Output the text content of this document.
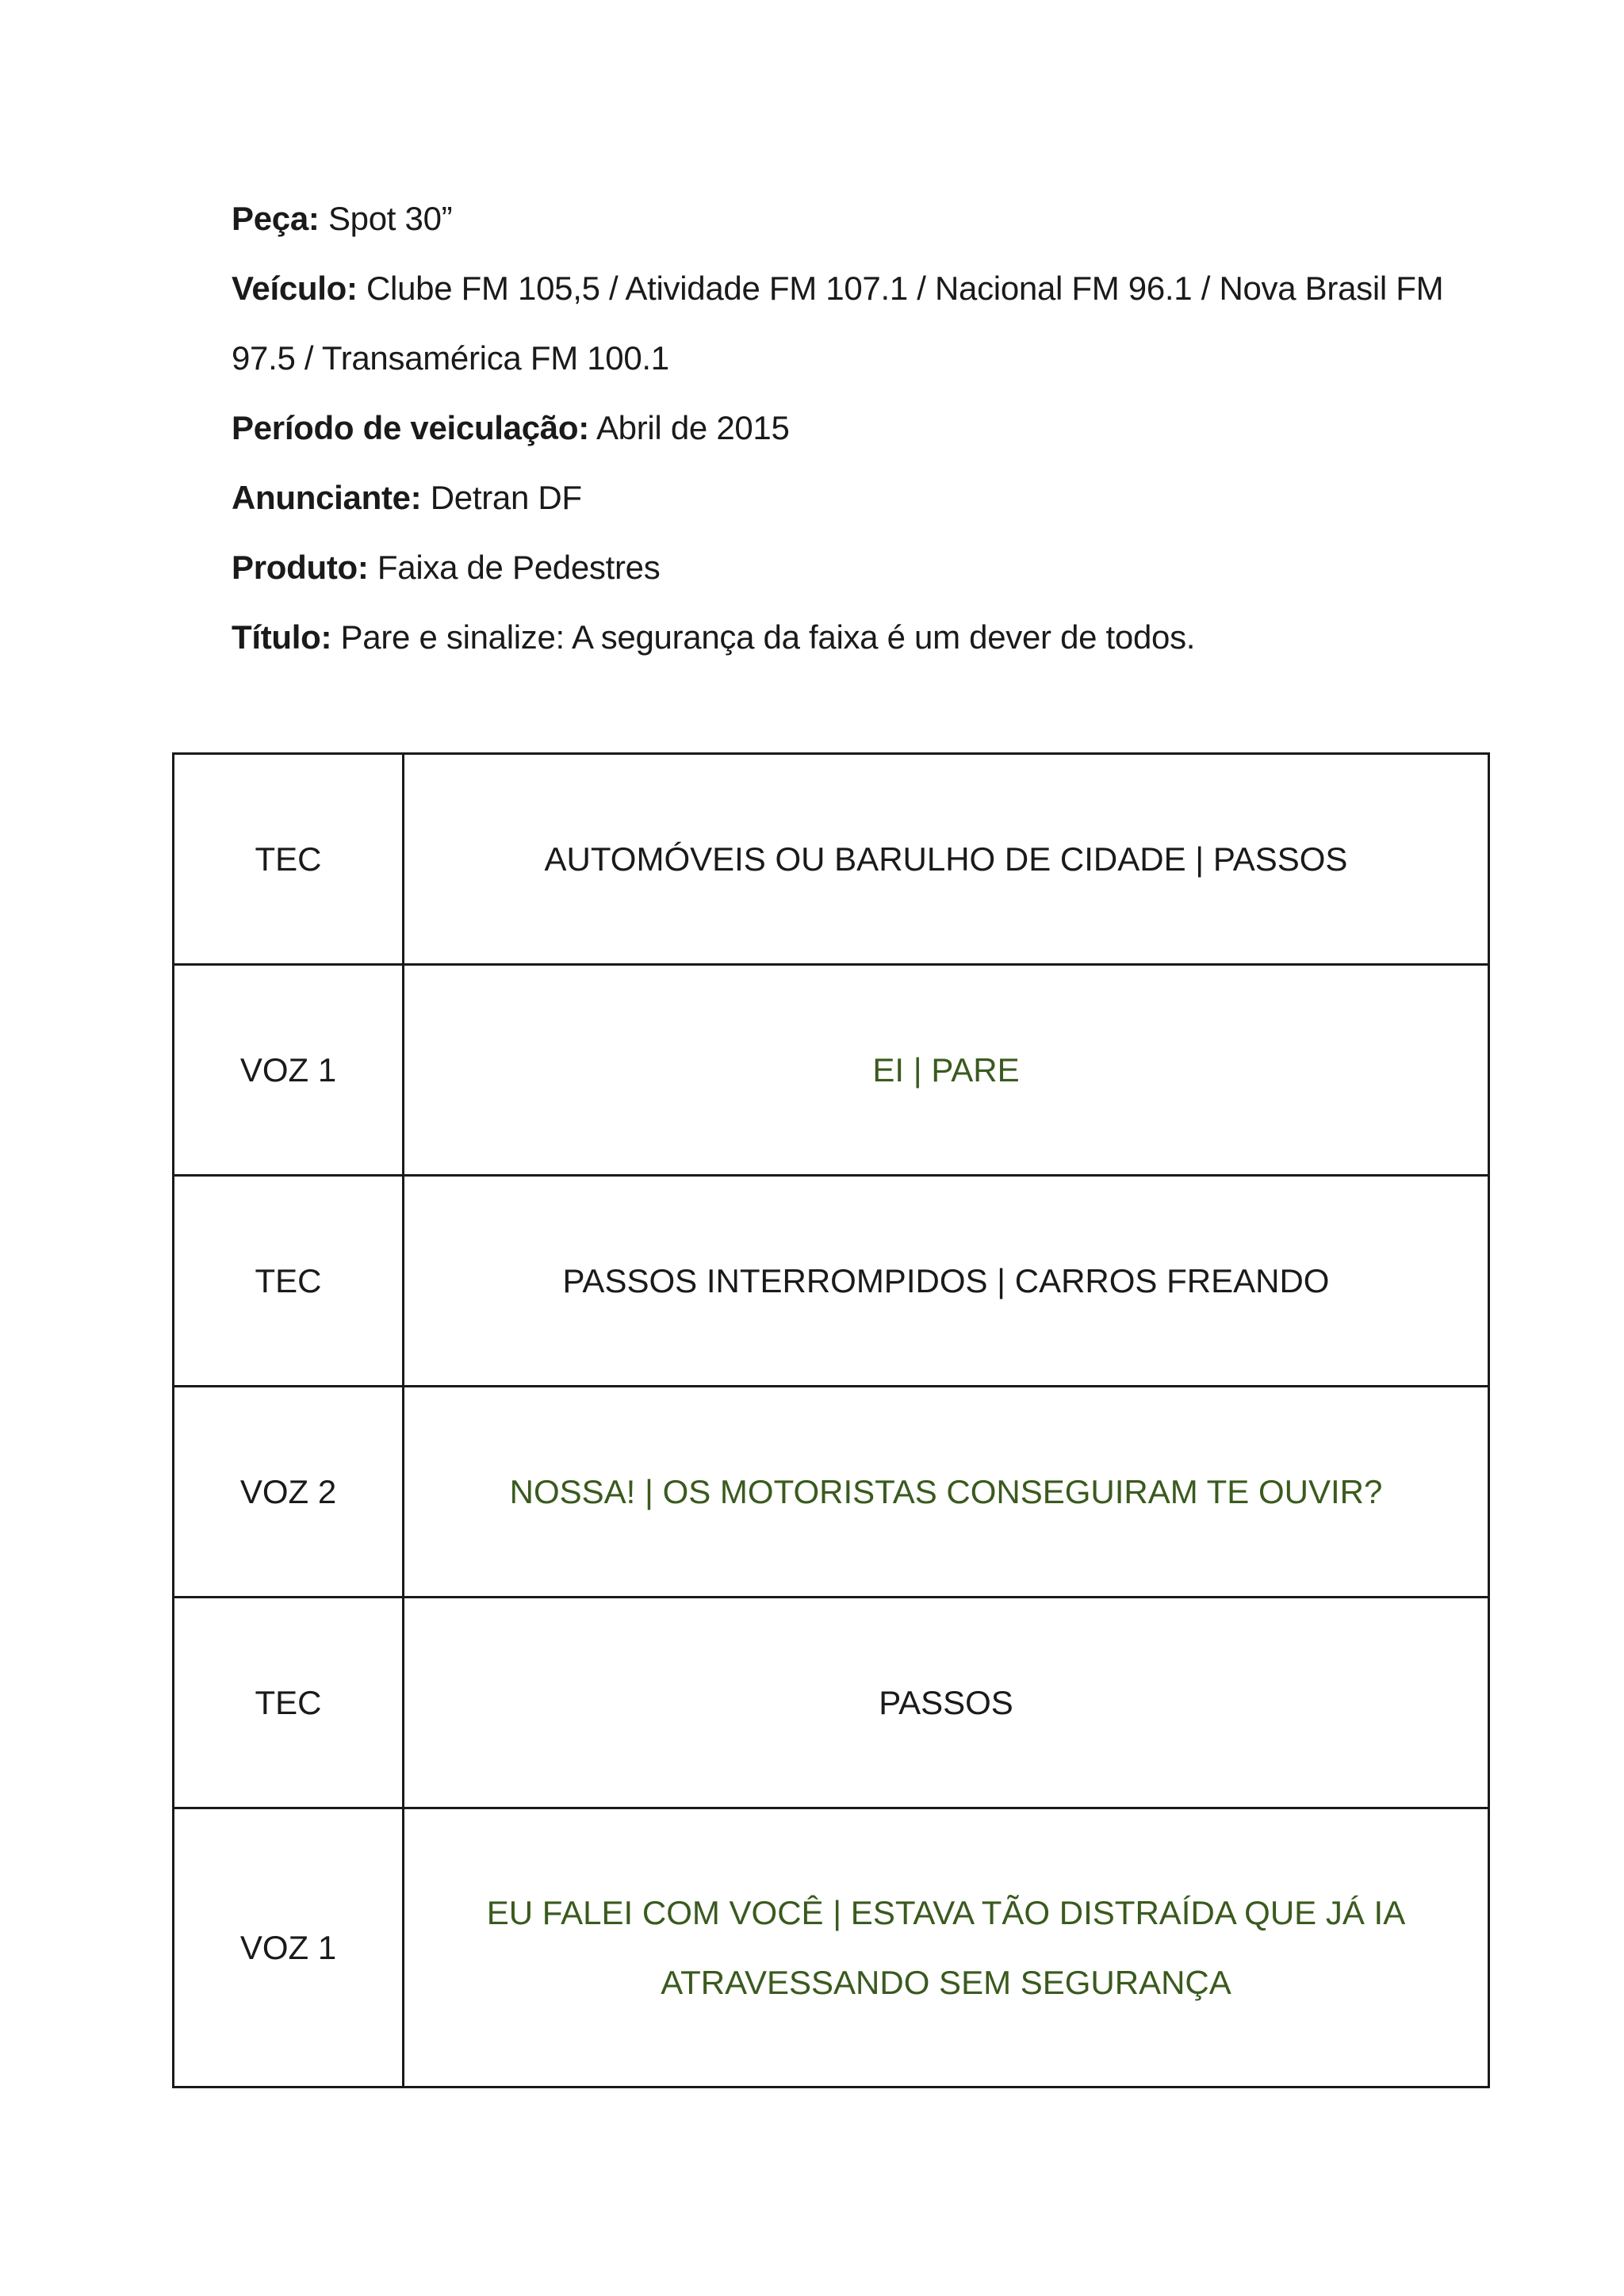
Peça: Spot 30”
Veículo: Clube FM 105,5 / Atividade FM 107.1 / Nacional FM 96.1 / Nova Brasil FM 97.5 / Transamérica FM 100.1
Período de veiculação: Abril de 2015
Anunciante: Detran DF
Produto: Faixa de Pedestres
Título: Pare e sinalize: A segurança da faixa é um dever de todos.
TEC	AUTOMÓVEIS OU BARULHO DE CIDADE | PASSOS
VOZ 1	EI | PARE
TEC	PASSOS INTERROMPIDOS | CARROS FREANDO
VOZ 2	NOSSA! | OS MOTORISTAS CONSEGUIRAM TE OUVIR?
TEC	PASSOS
VOZ 1	EU FALEI COM VOCÊ | ESTAVA TÃO DISTRAÍDA QUE JÁ IA ATRAVESSANDO SEM SEGURANÇA
